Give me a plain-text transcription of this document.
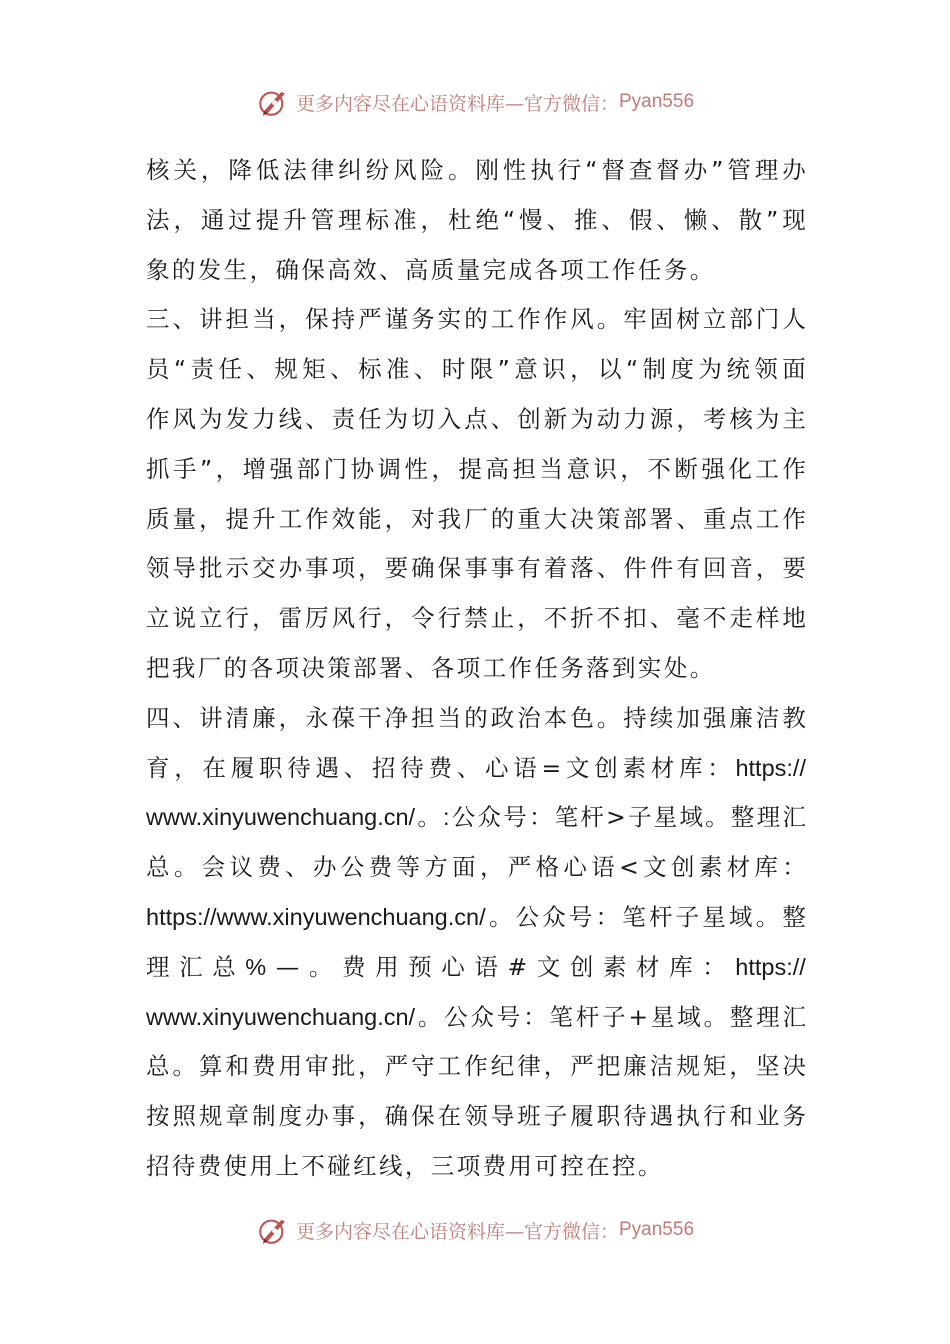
更多内容尽在心语资料库— 官方微信： Pyan556
核 关 ， 降 低 法 律 纠 纷 风 险 。 刚 性 执 行 “ 督 查 督 办 ” 管 理 办
法 ， 通 过 提 升 管 理 标 准 ， 杜 绝 “ 慢 、 推 、 假 、 懒 、 散 ” 现
象 的 发 生 ， 确 保 高 效 、 高 质 量 完 成 各 项 工 作 任 务 。
三 、 讲 担 当 ， 保 持 严 谨 务 实 的 工 作 作 风 。 牢 固 树 立 部 门 人
员 “ 责 任 、 规 矩 、 标 准 、 时 限 ” 意 识 ， 以 “ 制 度 为 统 领 面
作 风 为 发 力 线 、 责 任 为 切 入 点 、 创 新 为 动 力 源 ， 考 核 为 主
抓 手 ” ， 增 强 部 门 协 调 性 ， 提 高 担 当 意 识 ， 不 断 强 化 工 作
质 量 ， 提 升 工 作 效 能 ， 对 我 厂 的 重 大 决 策 部 署 、 重 点 工 作
领 导 批 示 交 办 事 项 ， 要 确 保 事 事 有 着 落 、 件 件 有 回 音 ， 要
立 说 立 行 ， 雷 厉 风 行 ， 令 行 禁 止 ， 不 折 不 扣 、 毫 不 走 样 地
把 我 厂 的 各 项 决 策 部 署 、 各 项 工 作 任 务 落 到 实 处 。
四 、 讲 清 廉 ， 永 葆 干 净 担 当 的 政 治 本 色 。 持 续 加 强 廉 洁 教
育 ， 在 履 职 待 遇 、 招 待 费 、 心 语 = 文 创 素 材 库 ： https://
www.xinyuwenchuang.cn/ 。 : 公 众 号 ： 笔 杆 > 子 星 域 。 整 理 汇
总 。 会 议 费 、 办 公 费 等 方 面 ， 严 格 心 语 < 文 创 素 材 库 ：
https://www.xinyuwenchuang.cn/ 。 公 众 号 ： 笔 杆 子 星 域 。 整
理 汇 总 % — 。 费 用 预 心 语 # 文 创 素 材 库 ： https://
www.xinyuwenchuang.cn/ 。 公 众 号 ： 笔 杆 子 + 星 域 。 整 理 汇
总 。 算 和 费 用 审 批 ， 严 守 工 作 纪 律 ， 严 把 廉 洁 规 矩 ， 坚 决
按 照 规 章 制 度 办 事 ， 确 保 在 领 导 班 子 履 职 待 遇 执 行 和 业 务
招 待 费 使 用 上 不 碰 红 线 ， 三 项 费 用 可 控 在 控 。
更多内容尽在心语资料库— 官方微信： Pyan556
